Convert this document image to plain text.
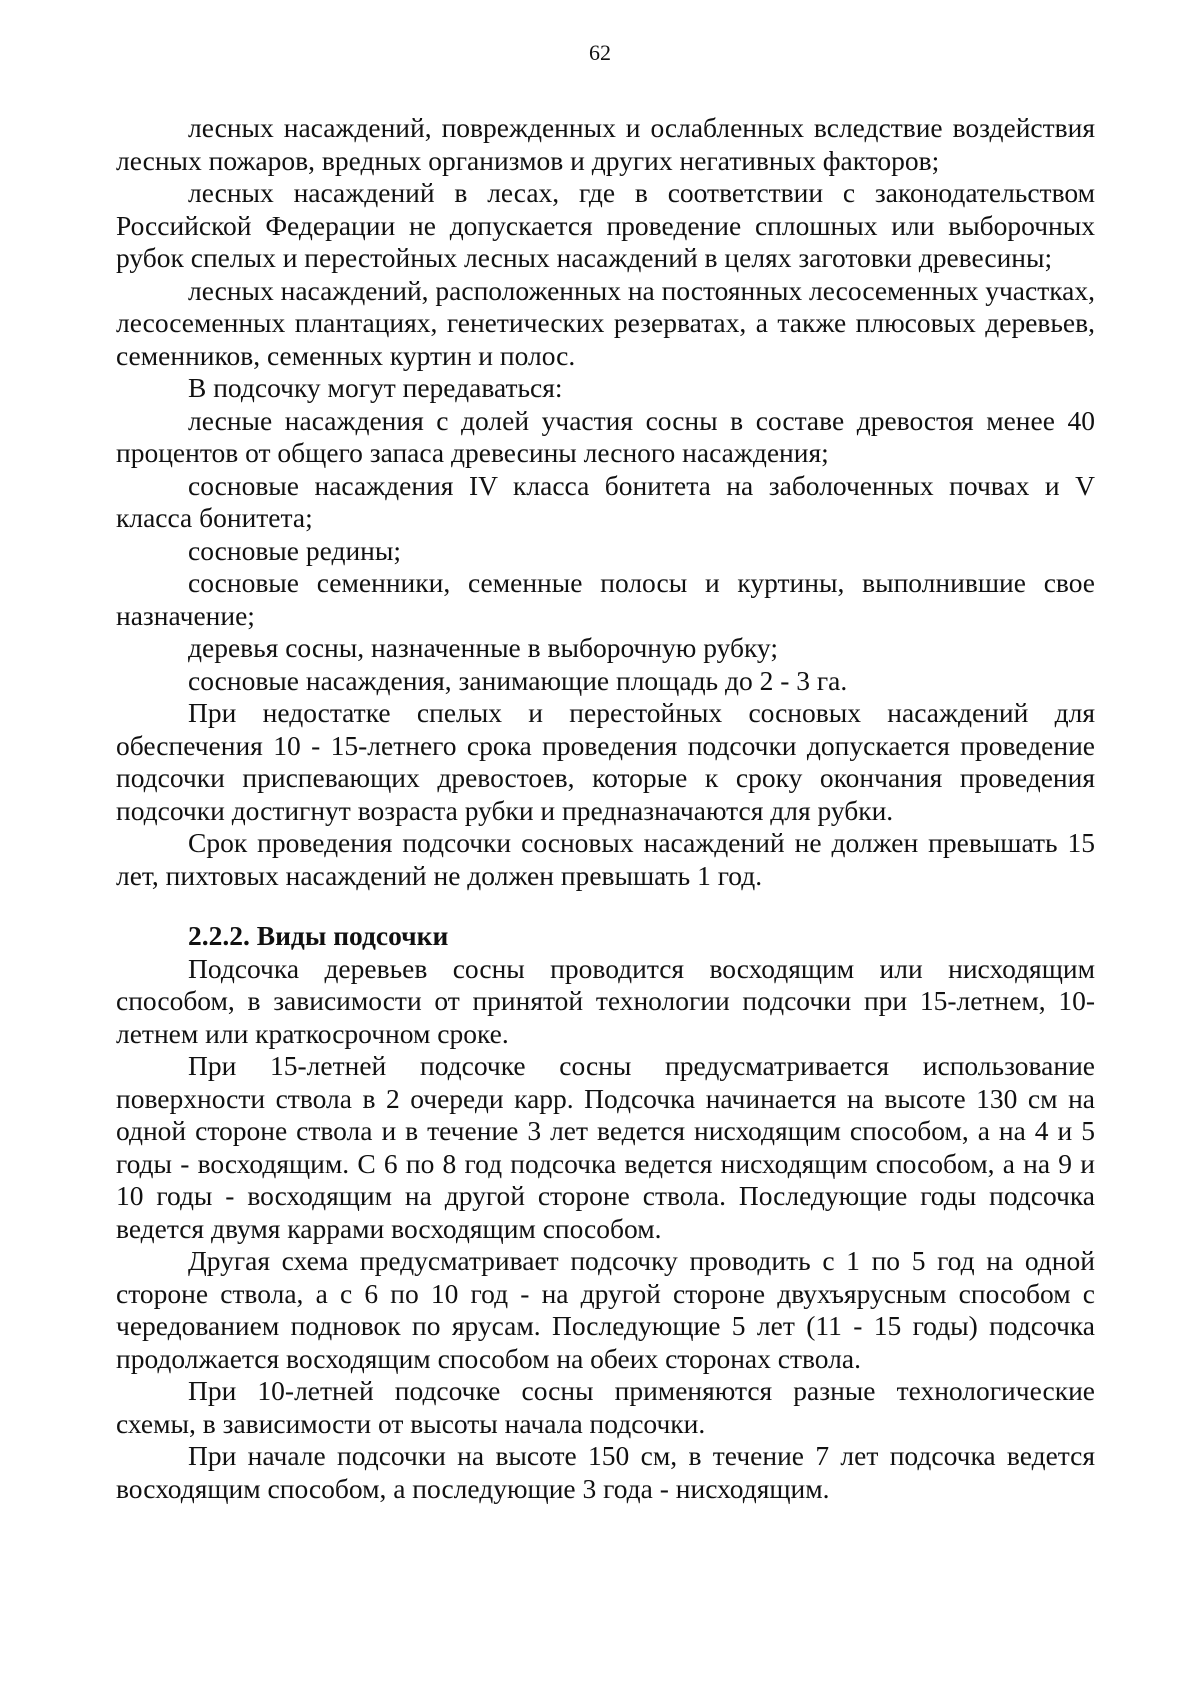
62

лесных насаждений, поврежденных и ослабленных вследствие воздействия лесных пожаров, вредных организмов и других негативных факторов;

лесных насаждений в лесах, где в соответствии с законодательством Российской Федерации не допускается проведение сплошных или выборочных рубок спелых и перестойных лесных насаждений в целях заготовки древесины;

лесных насаждений, расположенных на постоянных лесосеменных участках, лесосеменных плантациях, генетических резерватах, а также плюсовых деревьев, семенников, семенных куртин и полос.

В подсочку могут передаваться:

лесные насаждения с долей участия сосны в составе древостоя менее 40 процентов от общего запаса древесины лесного насаждения;

сосновые насаждения IV класса бонитета на заболоченных почвах и V класса бонитета;

сосновые редины;

сосновые семенники, семенные полосы и куртины, выполнившие свое назначение;

деревья сосны, назначенные в выборочную рубку;

сосновые насаждения, занимающие площадь до 2 - 3 га.

При недостатке спелых и перестойных сосновых насаждений для обеспечения 10 - 15-летнего срока проведения подсочки допускается проведение подсочки приспевающих древостоев, которые к сроку окончания проведения подсочки достигнут возраста рубки и предназначаются для рубки.

Срок проведения подсочки сосновых насаждений не должен превышать 15 лет, пихтовых насаждений не должен превышать 1 год.

2.2.2. Виды подсочки

Подсочка деревьев сосны проводится восходящим или нисходящим способом, в зависимости от принятой технологии подсочки при 15-летнем, 10-летнем или краткосрочном сроке.

При 15-летней подсочке сосны предусматривается использование поверхности ствола в 2 очереди карр. Подсочка начинается на высоте 130 см на одной стороне ствола и в течение 3 лет ведется нисходящим способом, а на 4 и 5 годы - восходящим. С 6 по 8 год подсочка ведется нисходящим способом, а на 9 и 10 годы - восходящим на другой стороне ствола. Последующие годы подсочка ведется двумя каррами восходящим способом.

Другая схема предусматривает подсочку проводить с 1 по 5 год на одной стороне ствола, а с 6 по 10 год - на другой стороне двухъярусным способом с чередованием подновок по ярусам. Последующие 5 лет (11 - 15 годы) подсочка продолжается восходящим способом на обеих сторонах ствола.

При 10-летней подсочке сосны применяются разные технологические схемы, в зависимости от высоты начала подсочки.

При начале подсочки на высоте 150 см, в течение 7 лет подсочка ведется восходящим способом, а последующие 3 года - нисходящим.
